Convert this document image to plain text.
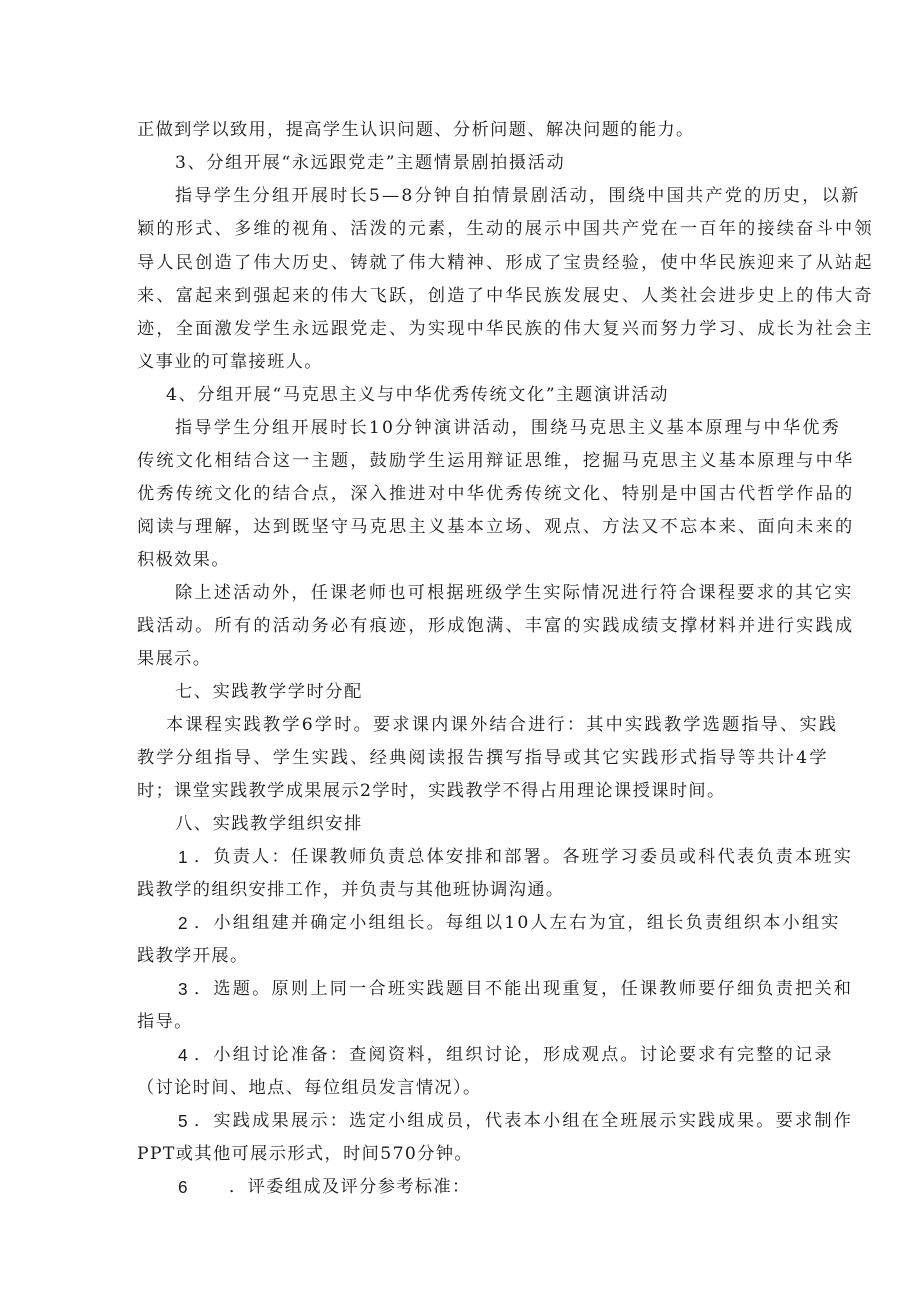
正做到学以致用，提高学生认识问题、分析问题、解决问题的能力。
3、分组开展“永远跟党走”主题情景剧拍摄活动
指导学生分组开展时长5—8分钟自拍情景剧活动，围绕中国共产党的历史，以新
颖的形式、多维的视角、活泼的元素，生动的展示中国共产党在一百年的接续奋斗中领
导人民创造了伟大历史、铸就了伟大精神、形成了宝贵经验，使中华民族迎来了从站起
来、富起来到强起来的伟大飞跃，创造了中华民族发展史、人类社会进步史上的伟大奇
迹，全面激发学生永远跟党走、为实现中华民族的伟大复兴而努力学习、成长为社会主
义事业的可靠接班人。
4、分组开展“马克思主义与中华优秀传统文化”主题演讲活动
指导学生分组开展时长10分钟演讲活动，围绕马克思主义基本原理与中华优秀
传统文化相结合这一主题，鼓励学生运用辩证思维，挖掘马克思主义基本原理与中华
优秀传统文化的结合点，深入推进对中华优秀传统文化、特别是中国古代哲学作品的
阅读与理解，达到既坚守马克思主义基本立场、观点、方法又不忘本来、面向未来的
积极效果。
除上述活动外，任课老师也可根据班级学生实际情况进行符合课程要求的其它实
践活动。所有的活动务必有痕迹，形成饱满、丰富的实践成绩支撑材料并进行实践成
果展示。
七、实践教学学时分配
本课程实践教学6学时。要求课内课外结合进行：其中实践教学选题指导、实践
教学分组指导、学生实践、经典阅读报告撰写指导或其它实践形式指导等共计4学
时；课堂实践教学成果展示2学时，实践教学不得占用理论课授课时间。
八、实践教学组织安排
1 ．负责人：任课教师负责总体安排和部署。各班学习委员或科代表负责本班实
践教学的组织安排工作，并负责与其他班协调沟通。
2 ．小组组建并确定小组组长。每组以10人左右为宜，组长负责组织本小组实
践教学开展。
3 ．选题。原则上同一合班实践题目不能出现重复，任课教师要仔细负责把关和
指导。
4 ．小组讨论准备：查阅资料，组织讨论，形成观点。讨论要求有完整的记录
（讨论时间、地点、每位组员发言情况）。
5 ．实践成果展示：选定小组成员，代表本小组在全班展示实践成果。要求制作
PPT或其他可展示形式，时间570分钟。
6 ．评委组成及评分参考标准：
